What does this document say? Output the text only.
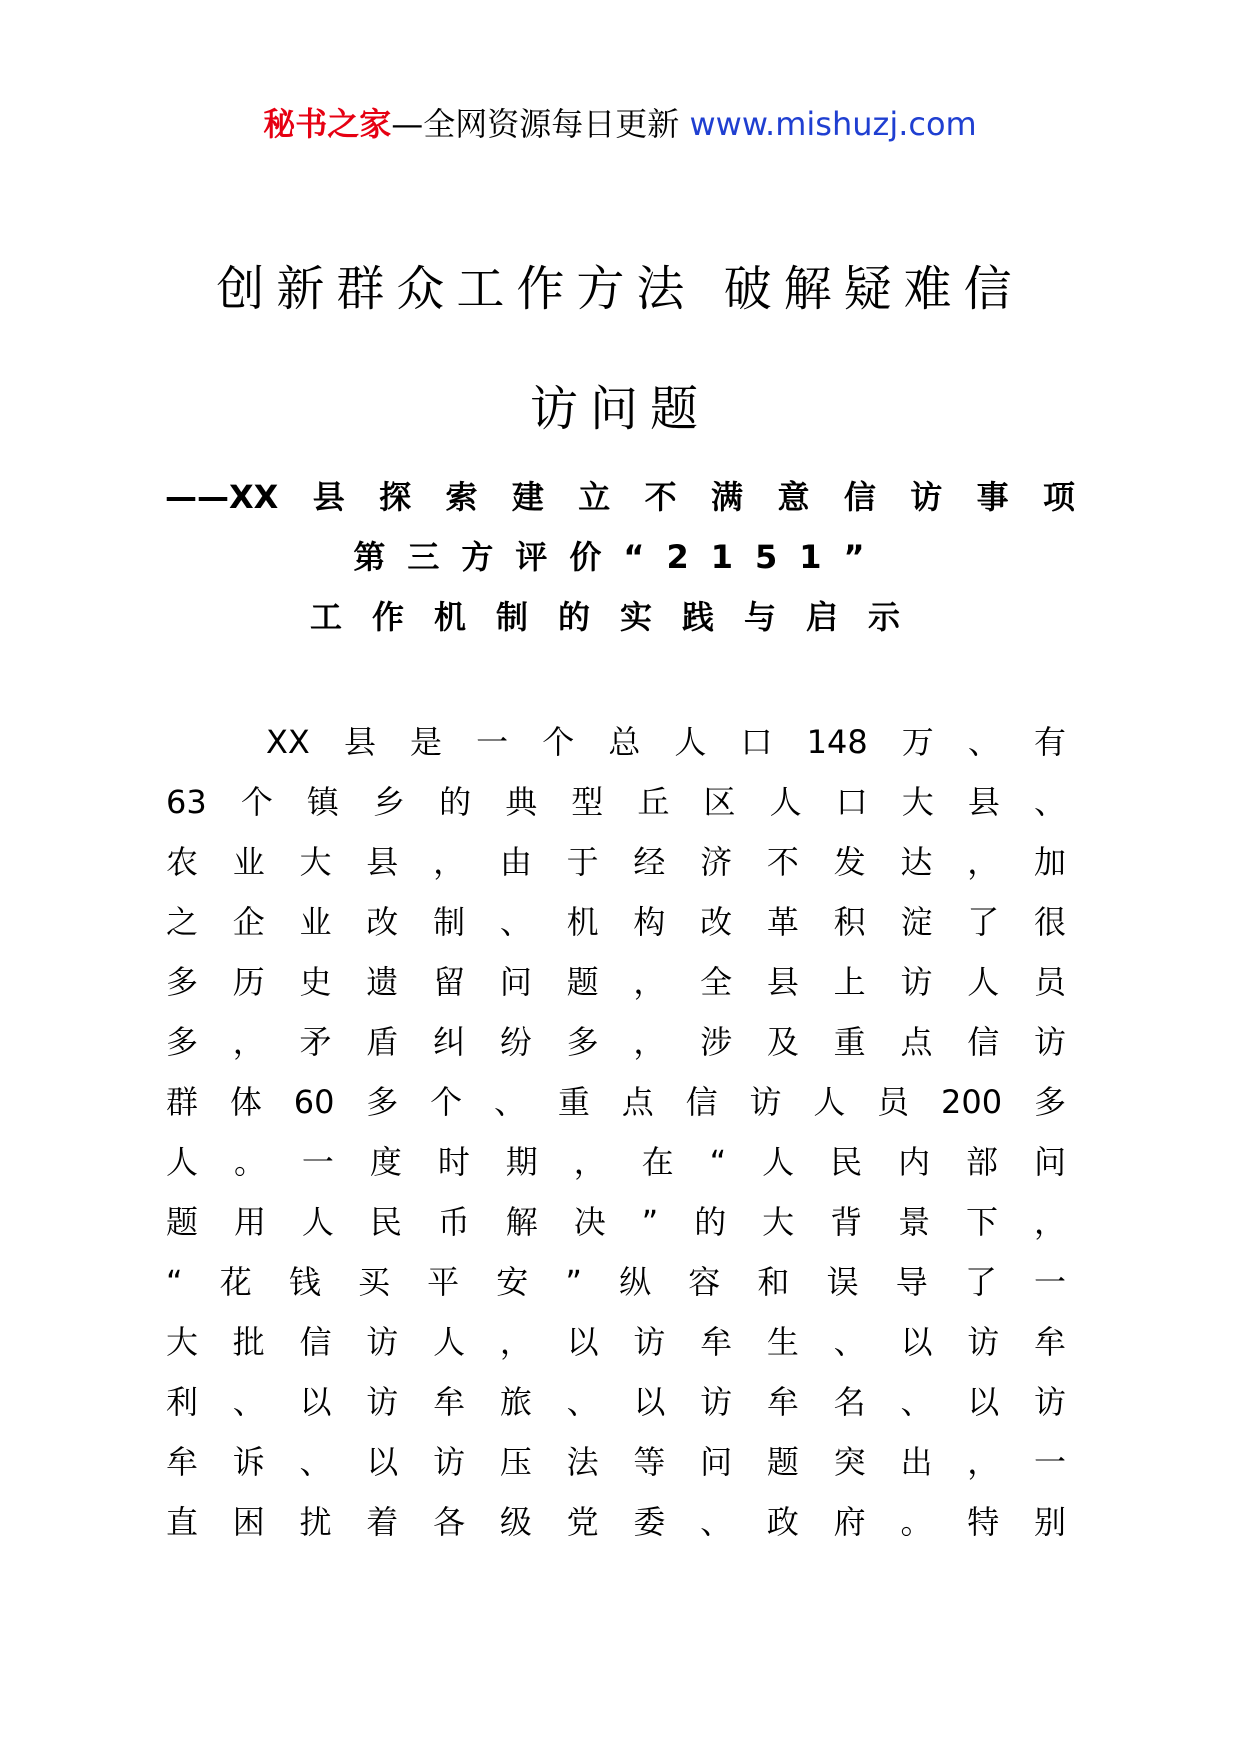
秘书之家—全网资源每日更新 www.mishuzj.com
创新群众工作方法 破解疑难信
访问题
——XX县探索建立不满意信访事项
第三方评价“2151”
工作机制的实践与启示
XX县是一个总人口148万、有
63个镇乡的典型丘区人口大县、
农业大县，由于经济不发达，加
之企业改制、机构改革积淀了很
多历史遗留问题，全县上访人员
多，矛盾纠纷多，涉及重点信访
群体60多个、重点信访人员200多
人。一度时期，在“人民内部问
题用人民币解决”的大背景下，
“花钱买平安”纵容和误导了一
大批信访人，以访牟生、以访牟
利、以访牟旅、以访牟名、以访
牟诉、以访压法等问题突出，一
直困扰着各级党委、政府。特别
